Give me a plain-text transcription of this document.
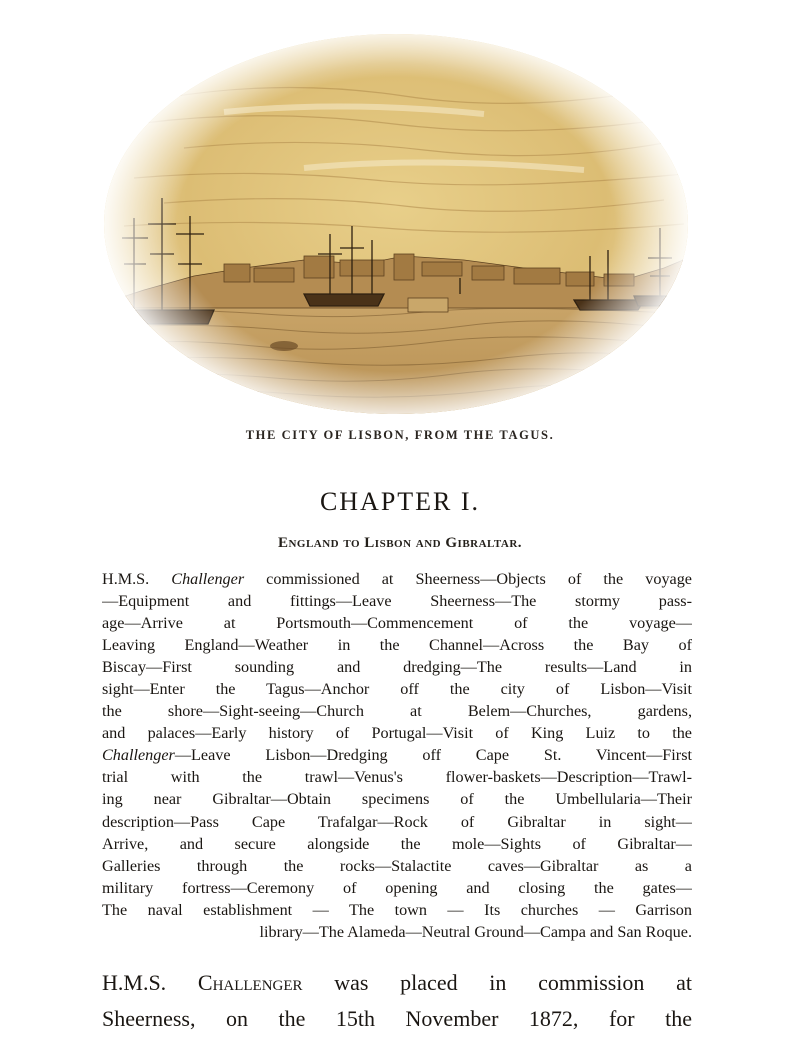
THE CITY OF LISBON, FROM THE TAGUS.
CHAPTER I.
England to Lisbon and Gibraltar.
H.M.S. Challenger commissioned at Sheerness—Objects of the voyage
—Equipment and fittings—Leave Sheerness—The stormy pass-
age—Arrive at Portsmouth—Commencement of the voyage—
Leaving England—Weather in the Channel—Across the Bay of
Biscay—First sounding and dredging—The results—Land in
sight—Enter the Tagus—Anchor off the city of Lisbon—Visit
the shore—Sight-seeing—Church at Belem—Churches, gardens,
and palaces—Early history of Portugal—Visit of King Luiz to the
Challenger—Leave Lisbon—Dredging off Cape St. Vincent—First
trial with the trawl—Venus's flower-baskets—Description—Trawl-
ing near Gibraltar—Obtain specimens of the Umbellularia—Their
description—Pass Cape Trafalgar—Rock of Gibraltar in sight—
Arrive, and secure alongside the mole—Sights of Gibraltar—
Galleries through the rocks—Stalactite caves—Gibraltar as a
military fortress—Ceremony of opening and closing the gates—
The naval establishment — The town — Its churches — Garrison
library—The Alameda—Neutral Ground—Campa and San Roque.
H.M.S. Challenger was placed in commission at
Sheerness, on the 15th November 1872, for the
